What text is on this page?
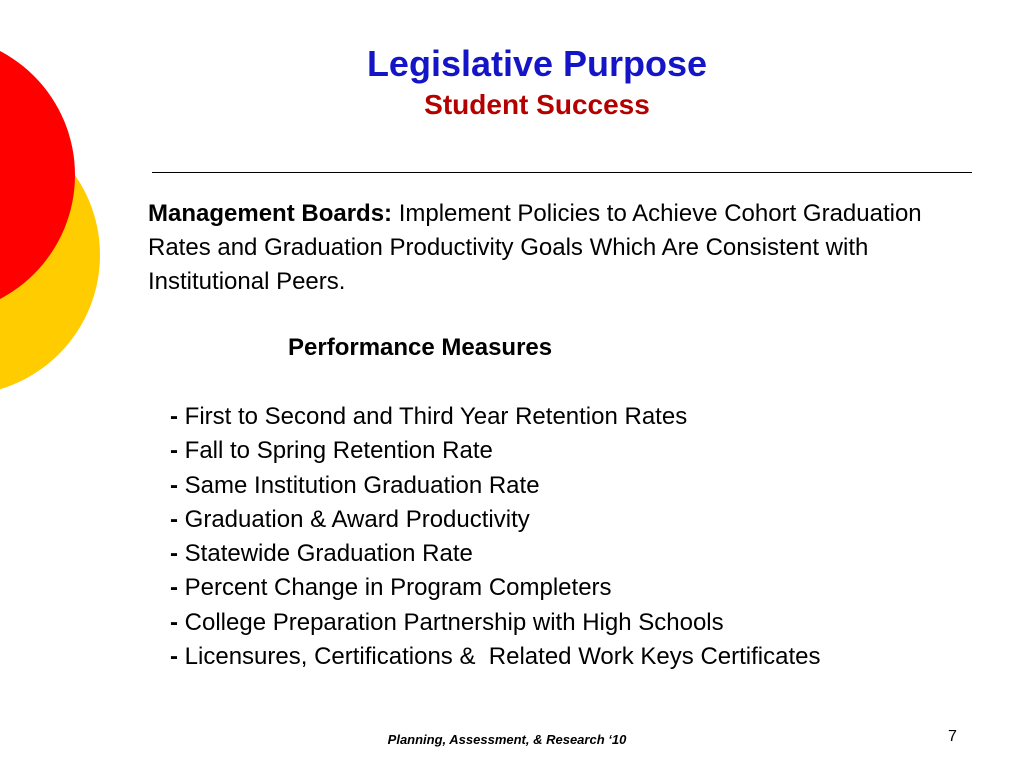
Legislative Purpose
Student Success
Management Boards: Implement Policies to Achieve Cohort Graduation Rates and Graduation Productivity Goals Which Are Consistent with Institutional Peers.
Performance Measures
- First to Second and Third Year Retention Rates
- Fall to Spring Retention Rate
- Same Institution Graduation Rate
- Graduation & Award Productivity
- Statewide Graduation Rate
- Percent Change in Program Completers
- College Preparation Partnership with High Schools
- Licensures, Certifications &  Related Work Keys Certificates
Planning, Assessment, & Research ‘10	7
